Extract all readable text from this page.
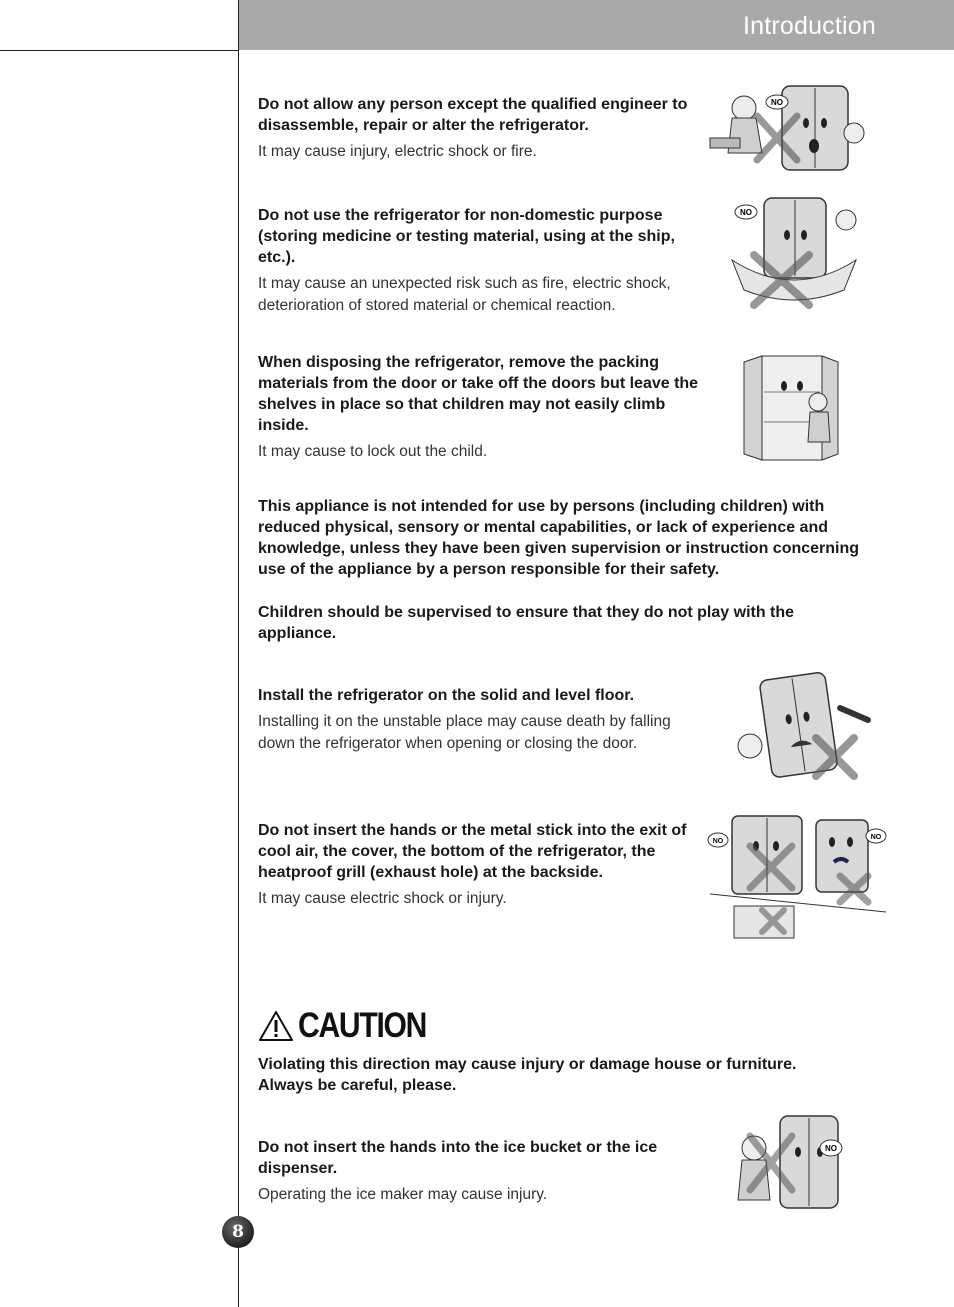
Introduction

Do not allow any person except the qualified engineer to disassemble, repair or alter the refrigerator.

It may cause injury, electric shock or fire.

NO

Do not use the refrigerator for non-domestic purpose (storing medicine or testing material, using at the ship, etc.).

It may cause an unexpected risk such as fire, electric shock, deterioration of stored material or chemical reaction.

NO

When disposing the refrigerator, remove the packing materials from the door or take off the doors but leave the shelves in place so that children may not easily climb inside.

It may cause to lock out the child.

This appliance is not intended for use by persons (including children) with reduced physical, sensory or mental capabilities, or lack of experience and knowledge, unless they have been given supervision or instruction concerning use of the appliance by a person responsible for their safety.

Children should be supervised to ensure that they do not play with the appliance.

Install the refrigerator on the solid and level floor.

Installing it on the unstable place may cause death by falling down the refrigerator when opening or closing the door.

Do not insert the hands or the metal stick into the exit of cool air, the cover, the bottom of the refrigerator, the heatproof grill (exhaust hole) at the backside.

It may cause electric shock or injury.

NO
NO
CAUTION

Violating this direction may cause injury or damage house or furniture. Always be careful, please.

Do not insert the hands into the ice bucket or the ice dispenser.

Operating the ice maker may cause injury.

NO
8
